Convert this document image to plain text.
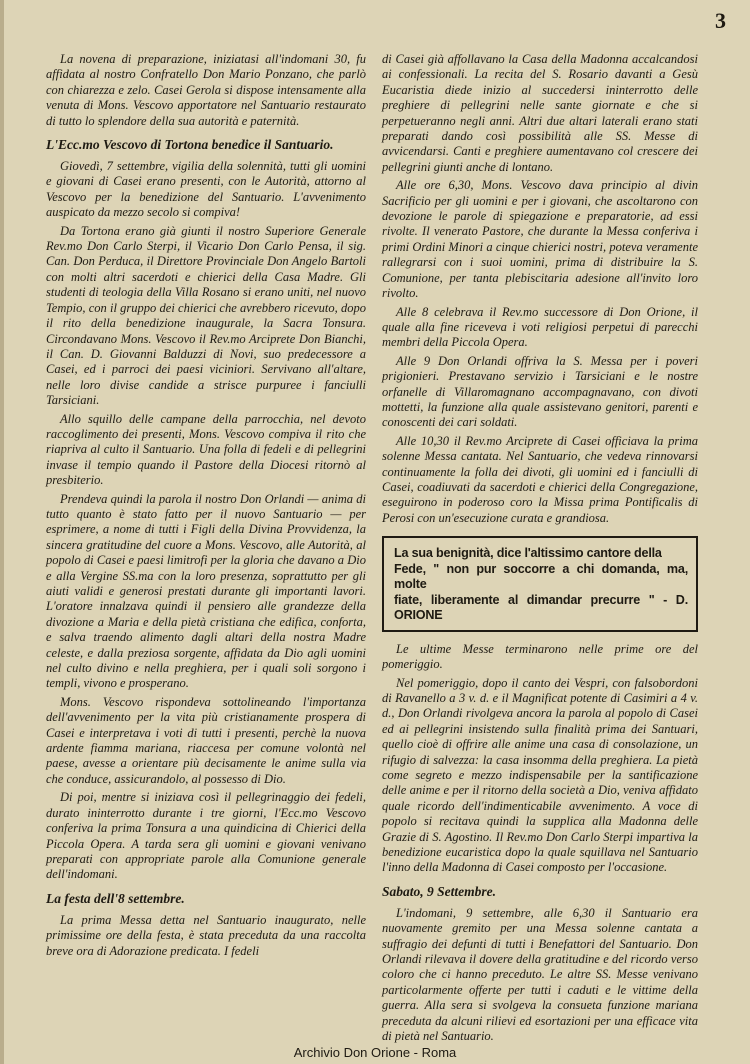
3

La novena di preparazione, iniziatasi all'indomani 30, fu affidata al nostro Confratello Don Mario Ponzano, che parlò con chiarezza e zelo. Casei Gerola si dispose intensamente alla venuta di Mons. Vescovo apportatore nel Santuario restaurato di tutto lo splendore della sua autorità e paternità.

L'Ecc.mo Vescovo di Tortona benedice il Santuario.

Giovedì, 7 settembre, vigilia della solennità, tutti gli uomini e giovani di Casei erano presenti, con le Autorità, attorno al Vescovo per la benedizione del Santuario. L'avvenimento auspicato da mezzo secolo si compiva!

Da Tortona erano già giunti il nostro Superiore Generale Rev.mo Don Carlo Sterpi, il Vicario Don Carlo Pensa, il sig. Can. Don Perduca, il Direttore Provinciale Don Angelo Bartoli con molti altri sacerdoti e chierici della Casa Madre. Gli studenti di teologia della Villa Rosano si erano uniti, nel nuovo Tempio, con il gruppo dei chierici che avrebbero ricevuto, dopo il rito della benedizione inaugurale, la Sacra Tonsura. Circondavano Mons. Vescovo il Rev.mo Arciprete Don Bianchi, il Can. D. Giovanni Balduzzi di Novi, suo predecessore a Casei, ed i parroci dei paesi viciniori. Servivano all'altare, nelle loro divise candide a strisce purpuree i fanciulli Tarsiciani.

Allo squillo delle campane della parrocchia, nel devoto raccoglimento dei presenti, Mons. Vescovo compiva il rito che riapriva al culto il Santuario. Una folla di fedeli e di pellegrini invase il tempio quando il Pastore della Diocesi ritornò al presbiterio.

Prendeva quindi la parola il nostro Don Orlandi — anima di tutto quanto è stato fatto per il nuovo Santuario — per esprimere, a nome di tutti i Figli della Divina Provvidenza, la sincera gratitudine del cuore a Mons. Vescovo, alle Autorità, al popolo di Casei e paesi limitrofi per la gloria che davano a Dio e alla Vergine SS.ma con la loro presenza, soprattutto per gli aiuti validi e generosi prestati durante gli importanti lavori. L'oratore innalzava quindi il pensiero alle grandezze della divozione a Maria e della pietà cristiana che edifica, conforta, e salva traendo alimento dagli altari della nostra Madre celeste, e dalla preziosa sorgente, affidata da Dio agli uomini nel culto divino e nella preghiera, per i quali soli sorgono i templi, vivono e prosperano.

Mons. Vescovo rispondeva sottolineando l'importanza dell'avvenimento per la vita più cristianamente prospera di Casei e interpretava i voti di tutti i presenti, perchè la nuova ardente fiamma mariana, riaccesa per comune volontà nel paese, avesse a orientare più decisamente le anime sulla via che conduce, assicurandolo, al possesso di Dio.

Di poi, mentre si iniziava così il pellegrinaggio dei fedeli, durato ininterrotto durante i tre giorni, l'Ecc.mo Vescovo conferiva la prima Tonsura a una quindicina di Chierici della Piccola Opera. A tarda sera gli uomini e giovani venivano preparati con appropriate parole alla Comunione generale dell'indomani.

La festa dell'8 settembre.

La prima Messa detta nel Santuario inaugurato, nelle primissime ore della festa, è stata preceduta da una raccolta breve ora di Adorazione predicata. I fedeli

di Casei già affollavano la Casa della Madonna accalcandosi ai confessionali. La recita del S. Rosario davanti a Gesù Eucaristia diede inizio al succedersi ininterrotto delle preghiere di pellegrini nelle sante giornate e che si perpetueranno negli anni. Altri due altari laterali erano stati preparati dando così possibilità alle SS. Messe di avvicendarsi. Canti e preghiere aumentavano col crescere dei pellegrini giunti anche di lontano.

Alle ore 6,30, Mons. Vescovo dava principio al divin Sacrificio per gli uomini e per i giovani, che ascoltarono con devozione le parole di spiegazione e preparatorie, ad essi rivolte. Il venerato Pastore, che durante la Messa conferiva i primi Ordini Minori a cinque chierici nostri, poteva veramente rallegrarsi con i suoi uomini, prima di distribuire la S. Comunione, per tanta plebiscitaria adesione all'invito loro rivolto.

Alle 8 celebrava il Rev.mo successore di Don Orione, il quale alla fine riceveva i voti religiosi perpetui di parecchi membri della Piccola Opera.

Alle 9 Don Orlandi offriva la S. Messa per i poveri prigionieri. Prestavano servizio i Tarsiciani e le nostre orfanelle di Villaromagnano accompagnavano, con divoti mottetti, la funzione alla quale assistevano genitori, parenti e conoscenti dei cari soldati.

Alle 10,30 il Rev.mo Arciprete di Casei officiava la prima solenne Messa cantata. Nel Santuario, che vedeva rinnovarsi continuamente la folla dei divoti, gli uomini ed i fanciulli di Casei, coadiuvati da sacerdoti e chierici della Congregazione, eseguirono in poderoso coro la Missa prima Pontificalis di Perosi con un'esecuzione curata e grandiosa.

La sua benignità, dice l'altissimo cantore della
Fede, " non pur soccorre a chi domanda, ma, molte
fiate, liberamente al dimandar precurre " - D. ORIONE

Le ultime Messe terminarono nelle prime ore del pomeriggio.

Nel pomeriggio, dopo il canto dei Vespri, con falsobordoni di Ravanello a 3 v. d. e il Magnificat potente di Casimiri a 4 v. d., Don Orlandi rivolgeva ancora la parola al popolo di Casei ed ai pellegrini insistendo sulla finalità prima dei Santuari, quello cioè di offrire alle anime una casa di consolazione, un rifugio di salvezza: la casa insomma della preghiera. La pietà come segreto e mezzo indispensabile per la santificazione delle anime e per il ritorno della società a Dio, veniva affidato quale ricordo dell'indimenticabile avvenimento. A voce di popolo si recitava quindi la supplica alla Madonna delle Grazie di S. Agostino. Il Rev.mo Don Carlo Sterpi impartiva la benedizione eucaristica dopo la quale squillava nel Santuario l'inno della Madonna di Casei composto per l'occasione.

Sabato, 9 Settembre.

L'indomani, 9 settembre, alle 6,30 il Santuario era nuovamente gremito per una Messa solenne cantata a suffragio dei defunti di tutti i Benefattori del Santuario. Don Orlandi rilevava il dovere della gratitudine e del ricordo verso coloro che ci hanno preceduto. Le altre SS. Messe venivano particolarmente offerte per tutti i caduti e le vittime della guerra. Alla sera si svolgeva la consueta funzione mariana preceduta da alcuni rilievi ed esortazioni per una efficace vita di pietà nel Santuario.

Archivio Don Orione - Roma
